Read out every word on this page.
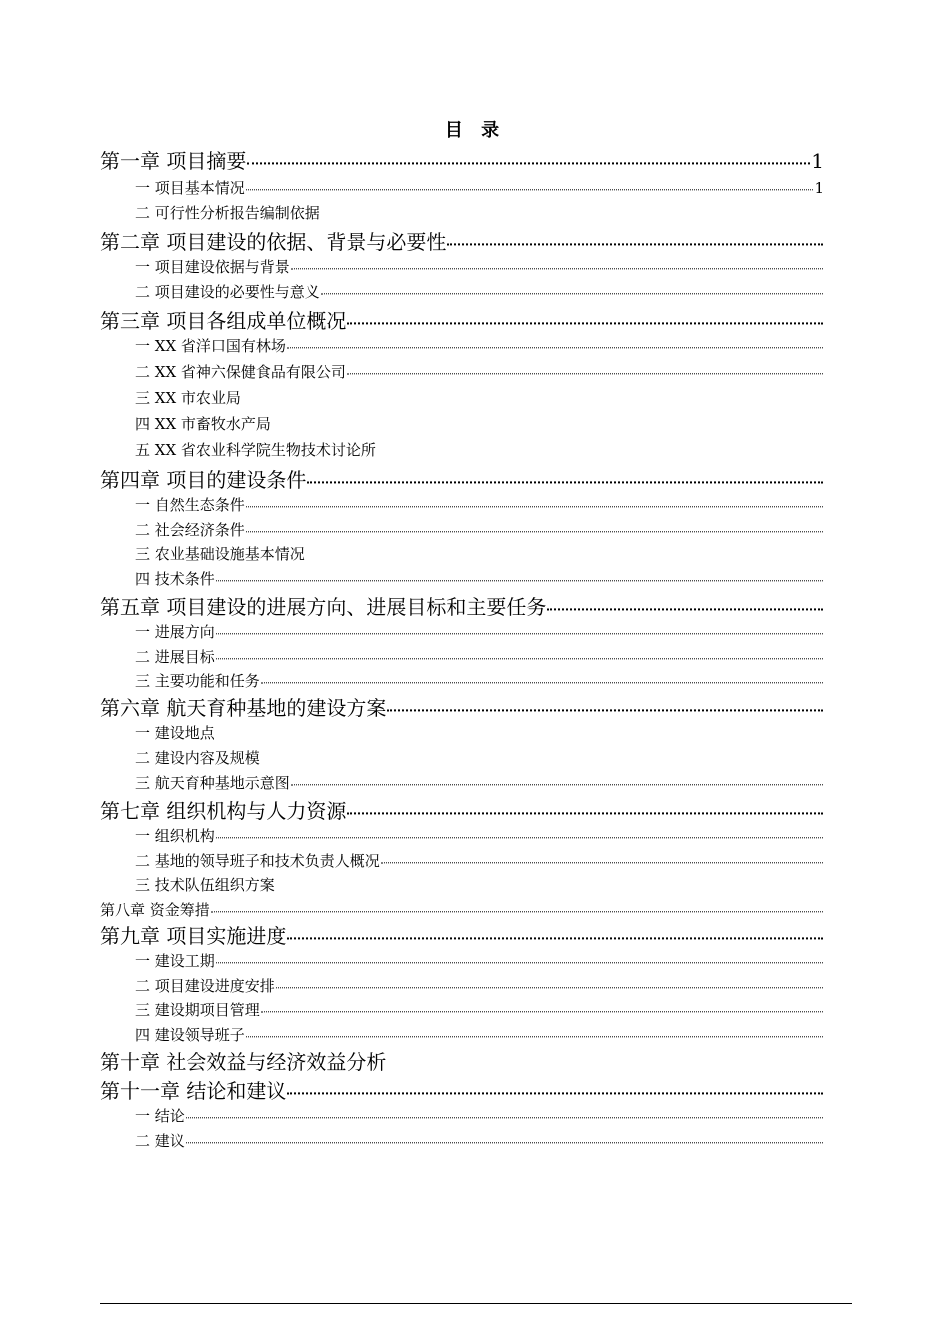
目 录
第一章 项目摘要	1
一 项目基本情况	1
二 可行性分析报告编制依据
第二章 项目建设的依据、背景与必要性
一 项目建设依据与背景
二 项目建设的必要性与意义
第三章 项目各组成单位概况
一 XX 省洋口国有林场
二 XX 省神六保健食品有限公司
三 XX 市农业局
四 XX 市畜牧水产局
五 XX 省农业科学院生物技术讨论所
第四章 项目的建设条件
一 自然生态条件
二 社会经济条件
三 农业基础设施基本情况
四 技术条件
第五章 项目建设的进展方向、进展目标和主要任务
一 进展方向
二 进展目标
三 主要功能和任务
第六章 航天育种基地的建设方案
一 建设地点
二 建设内容及规模
三 航天育种基地示意图
第七章 组织机构与人力资源
一 组织机构
二 基地的领导班子和技术负责人概况
三 技术队伍组织方案
第八章 资金筹措
第九章 项目实施进度
一 建设工期
二 项目建设进度安排
三 建设期项目管理
四 建设领导班子
第十章 社会效益与经济效益分析
第十一章 结论和建议
一 结论
二 建议
